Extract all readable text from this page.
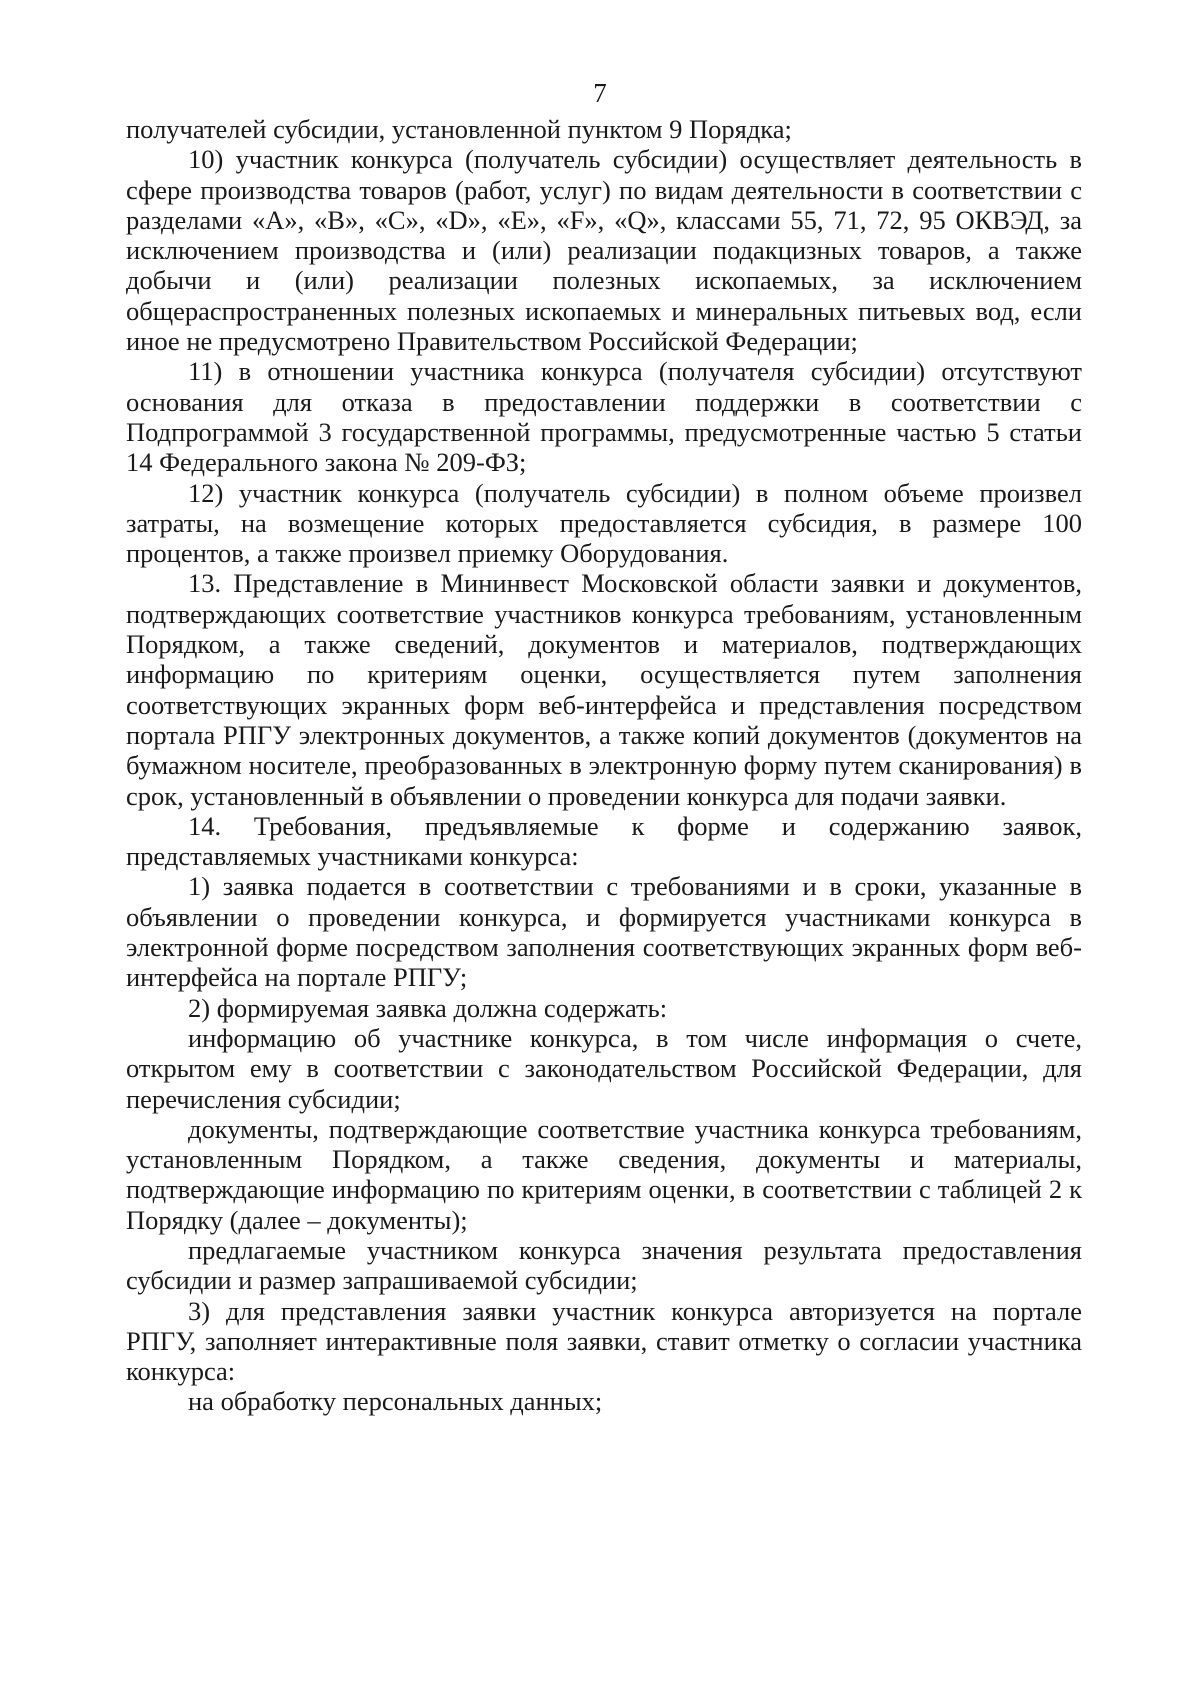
7

получателей субсидии, установленной пунктом 9 Порядка;

10) участник конкурса (получатель субсидии) осуществляет деятельность в сфере производства товаров (работ, услуг) по видам деятельности в соответствии с разделами «A», «B», «C», «D», «E», «F», «Q», классами 55, 71, 72, 95 ОКВЭД, за исключением производства и (или) реализации подакцизных товаров, а также добычи и (или) реализации полезных ископаемых, за исключением общераспространенных полезных ископаемых и минеральных питьевых вод, если иное не предусмотрено Правительством Российской Федерации;

11) в отношении участника конкурса (получателя субсидии) отсутствуют основания для отказа в предоставлении поддержки в соответствии с Подпрограммой 3 государственной программы, предусмотренные частью 5 статьи 14 Федерального закона № 209-ФЗ;

12) участник конкурса (получатель субсидии) в полном объеме произвел затраты, на возмещение которых предоставляется субсидия, в размере 100 процентов, а также произвел приемку Оборудования.

13. Представление в Мининвест Московской области заявки и документов, подтверждающих соответствие участников конкурса требованиям, установленным Порядком, а также сведений, документов и материалов, подтверждающих информацию по критериям оценки, осуществляется путем заполнения соответствующих экранных форм веб-интерфейса и представления посредством портала РПГУ электронных документов, а также копий документов (документов на бумажном носителе, преобразованных в электронную форму путем сканирования) в срок, установленный в объявлении о проведении конкурса для подачи заявки.

14. Требования, предъявляемые к форме и содержанию заявок, представляемых участниками конкурса:

1) заявка подается в соответствии с требованиями и в сроки, указанные в объявлении о проведении конкурса, и формируется участниками конкурса в электронной форме посредством заполнения соответствующих экранных форм веб-интерфейса на портале РПГУ;

2) формируемая заявка должна содержать:

информацию об участнике конкурса, в том числе информация о счете, открытом ему в соответствии с законодательством Российской Федерации, для перечисления субсидии;

документы, подтверждающие соответствие участника конкурса требованиям, установленным Порядком, а также сведения, документы и материалы, подтверждающие информацию по критериям оценки, в соответствии с таблицей 2 к Порядку (далее – документы);

предлагаемые участником конкурса значения результата предоставления субсидии и размер запрашиваемой субсидии;

3) для представления заявки участник конкурса авторизуется на портале РПГУ, заполняет интерактивные поля заявки, ставит отметку о согласии участника конкурса:

на обработку персональных данных;
